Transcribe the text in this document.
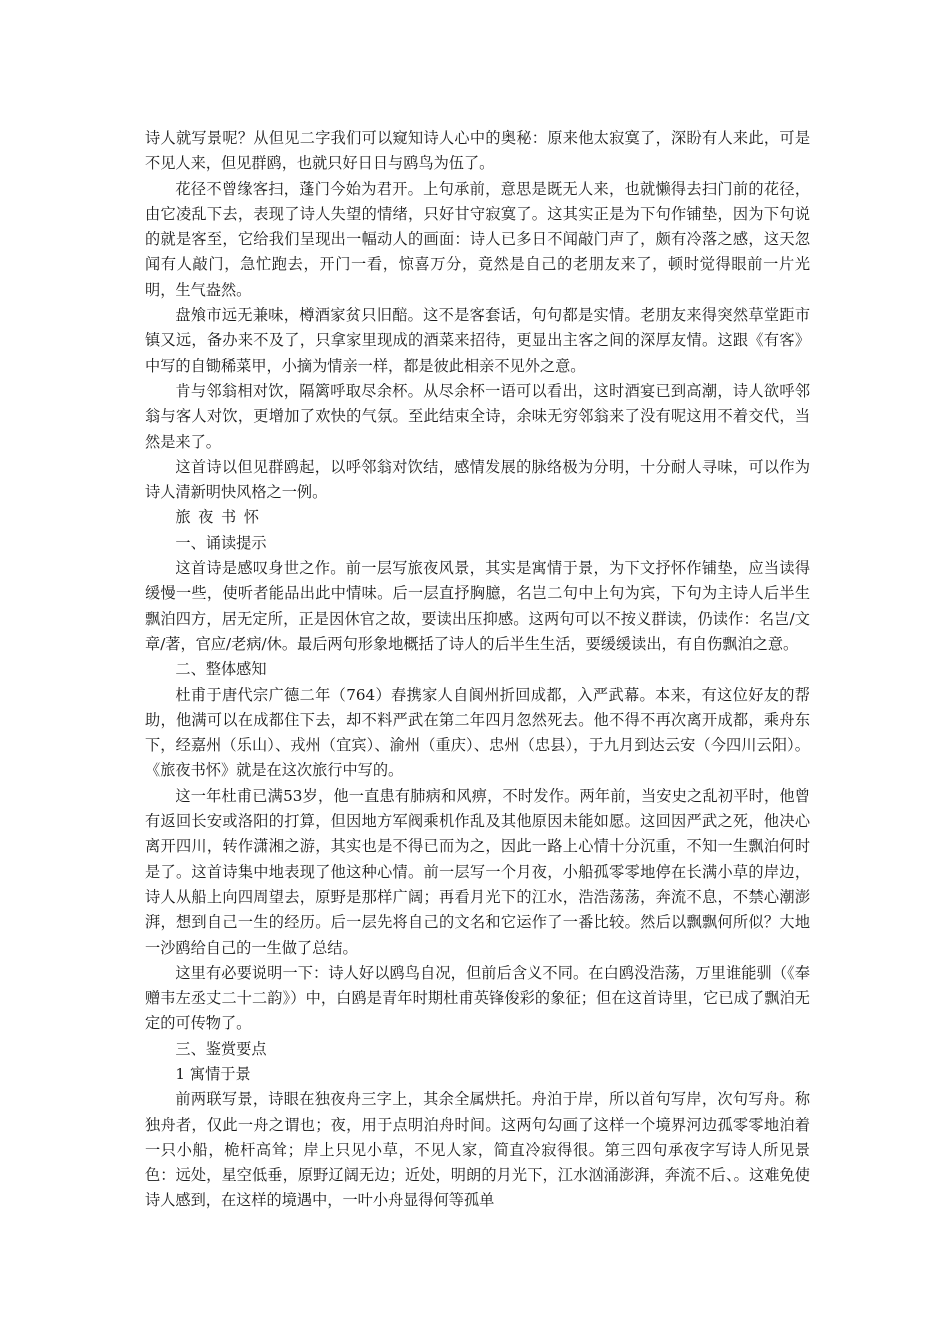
诗人就写景呢？从但见二字我们可以窥知诗人心中的奥秘：原来他太寂寞了，深盼有人来此，可是不见人来，但见群鸥，也就只好日日与鸥鸟为伍了。

花径不曾缘客扫，蓬门今始为君开。上句承前，意思是既无人来，也就懒得去扫门前的花径，由它凌乱下去，表现了诗人失望的情绪，只好甘守寂寞了。这其实正是为下句作铺垫，因为下句说的就是客至，它给我们呈现出一幅动人的画面：诗人已多日不闻敲门声了，颇有冷落之感，这天忽闻有人敲门，急忙跑去，开门一看，惊喜万分，竟然是自己的老朋友来了，顿时觉得眼前一片光明，生气盎然。

盘飧市远无兼味，樽酒家贫只旧醅。这不是客套话，句句都是实情。老朋友来得突然草堂距市镇又远，备办来不及了，只拿家里现成的酒菜来招待，更显出主客之间的深厚友情。这跟《有客》中写的自锄稀菜甲，小摘为情亲一样，都是彼此相亲不见外之意。

肯与邻翁相对饮，隔篱呼取尽余杯。从尽余杯一语可以看出，这时酒宴已到高潮，诗人欲呼邻翁与客人对饮，更增加了欢快的气氛。至此结束全诗，余味无穷邻翁来了没有呢这用不着交代，当然是来了。

这首诗以但见群鸥起，以呼邻翁对饮结，感情发展的脉络极为分明，十分耐人寻味，可以作为诗人清新明快风格之一例。

旅夜书怀

一、诵读提示

这首诗是感叹身世之作。前一层写旅夜风景，其实是寓情于景，为下文抒怀作铺垫，应当读得缓慢一些，使听者能品出此中情味。后一层直抒胸臆，名岂二句中上句为宾，下句为主诗人后半生飘泊四方，居无定所，正是因休官之故，要读出压抑感。这两句可以不按义群读，仍读作：名岂/文章/著，官应/老病/休。最后两句形象地概括了诗人的后半生生活，要缓缓读出，有自伤飘泊之意。

二、整体感知

杜甫于唐代宗广德二年（764）春携家人自阆州折回成都，入严武幕。本来，有这位好友的帮助，他满可以在成都住下去，却不料严武在第二年四月忽然死去。他不得不再次离开成都，乘舟东下，经嘉州（乐山）、戎州（宜宾）、渝州（重庆）、忠州（忠县），于九月到达云安（今四川云阳）。《旅夜书怀》就是在这次旅行中写的。

这一年杜甫已满53岁，他一直患有肺病和风痹，不时发作。两年前，当安史之乱初平时，他曾有返回长安或洛阳的打算，但因地方军阀乘机作乱及其他原因未能如愿。这回因严武之死，他决心离开四川，转作潇湘之游，其实也是不得已而为之，因此一路上心情十分沉重，不知一生飘泊何时是了。这首诗集中地表现了他这种心情。前一层写一个月夜，小船孤零零地停在长满小草的岸边，诗人从船上向四周望去，原野是那样广阔；再看月光下的江水，浩浩荡荡，奔流不息，不禁心潮澎湃，想到自己一生的经历。后一层先将自己的文名和它运作了一番比较。然后以飘飘何所似？大地一沙鸥给自己的一生做了总结。

这里有必要说明一下：诗人好以鸥鸟自况，但前后含义不同。在白鸥没浩荡，万里谁能驯（《奉赠韦左丞丈二十二韵》）中，白鸥是青年时期杜甫英锋俊彩的象征；但在这首诗里，它已成了飘泊无定的可传物了。

三、鉴赏要点

1 寓情于景

前两联写景，诗眼在独夜舟三字上，其余全属烘托。舟泊于岸，所以首句写岸，次句写舟。称独舟者，仅此一舟之谓也；夜，用于点明泊舟时间。这两句勾画了这样一个境界河边孤零零地泊着一只小船，桅杆高耸；岸上只见小草，不见人家，简直冷寂得很。第三四句承夜字写诗人所见景色：远处，星空低垂，原野辽阔无边；近处，明朗的月光下，江水汹涌澎湃，奔流不后、。这难免使诗人感到，在这样的境遇中，一叶小舟显得何等孤单
